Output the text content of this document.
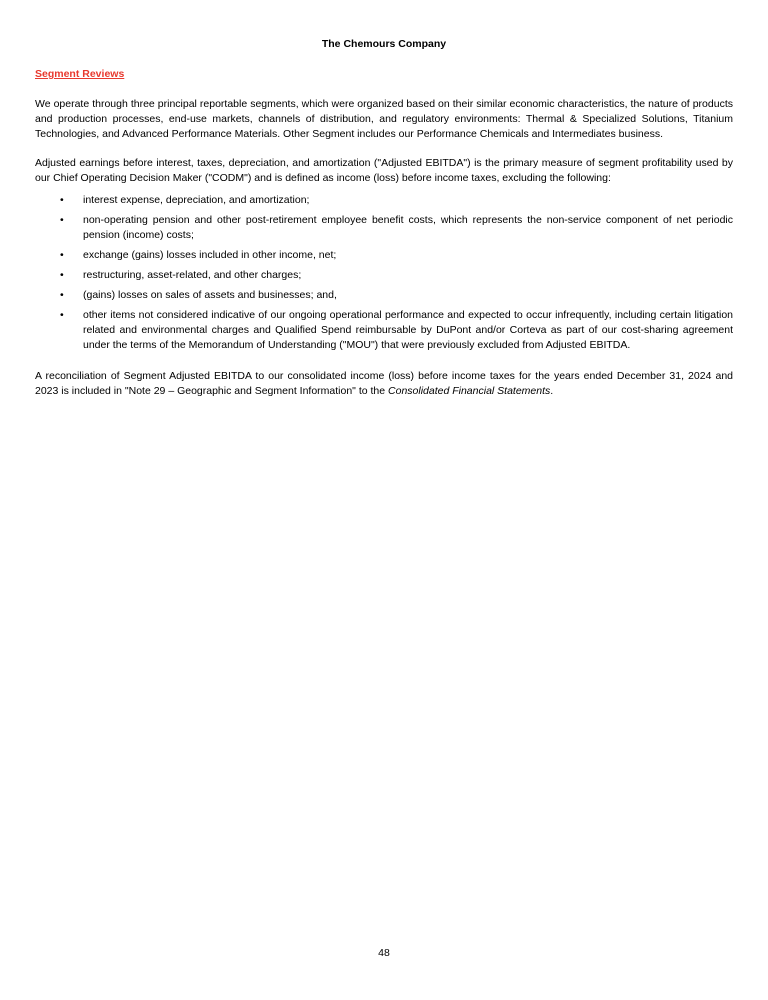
The Chemours Company
Segment Reviews

We operate through three principal reportable segments, which were organized based on their similar economic characteristics, the nature of products and production processes, end-use markets, channels of distribution, and regulatory environments: Thermal & Specialized Solutions, Titanium Technologies, and Advanced Performance Materials. Other Segment includes our Performance Chemicals and Intermediates business.

Adjusted earnings before interest, taxes, depreciation, and amortization ("Adjusted EBITDA") is the primary measure of segment profitability used by our Chief Operating Decision Maker ("CODM") and is defined as income (loss) before income taxes, excluding the following:

• interest expense, depreciation, and amortization;
• non-operating pension and other post-retirement employee benefit costs, which represents the non-service component of net periodic pension (income) costs;
• exchange (gains) losses included in other income, net;
• restructuring, asset-related, and other charges;
• (gains) losses on sales of assets and businesses; and,
• other items not considered indicative of our ongoing operational performance and expected to occur infrequently, including certain litigation related and environmental charges and Qualified Spend reimbursable by DuPont and/or Corteva as part of our cost-sharing agreement under the terms of the Memorandum of Understanding ("MOU") that were previously excluded from Adjusted EBITDA.

A reconciliation of Segment Adjusted EBITDA to our consolidated income (loss) before income taxes for the years ended December 31, 2024 and 2023 is included in "Note 29 – Geographic and Segment Information" to the Consolidated Financial Statements.

48
